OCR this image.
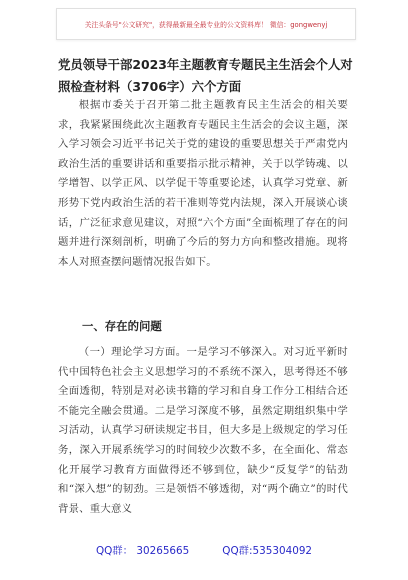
关注头条号"公文研究"，获得最新最全最专业的公文资料库！ 微信：gongwenyj
党员领导干部2023年主题教育专题民主生活会个人对照检查材料（3706字）六个方面

根据市委关于召开第二批主题教育民主生活会的相关要求，我紧紧围绕此次主题教育专题民主生活会的会议主题，深入学习领会习近平书记关于党的建设的重要思想关于严肃党内政治生活的重要讲话和重要指示批示精神，关于以学铸魂、以学增智、以学正风、以学促干等重要论述，认真学习党章、新形势下党内政治生活的若干准则等党内法规，深入开展谈心谈话，广泛征求意见建议，对照“六个方面”全面梳理了存在的问题并进行深刻剖析，明确了今后的努力方向和整改措施。现将本人对照查摆问题情况报告如下。

一、存在的问题

（一）理论学习方面。一是学习不够深入。对习近平新时代中国特色社会主义思想学习的不系统不深入，思考得还不够全面透彻，特别是对必读书籍的学习和自身工作分工相结合还不能完全融会贯通。二是学习深度不够，虽然定期组织集中学习活动，认真学习研读规定书目，但大多是上级规定的学习任务，深入开展系统学习的时间较少次数不多，在全面化、常态化开展学习教育方面做得还不够到位，缺少“反复学”的钻劲和“深入想”的韧劲。三是领悟不够透彻，对“两个确立”的时代背景、重大意义

QQ群： 30265665          QQ群:535304092
